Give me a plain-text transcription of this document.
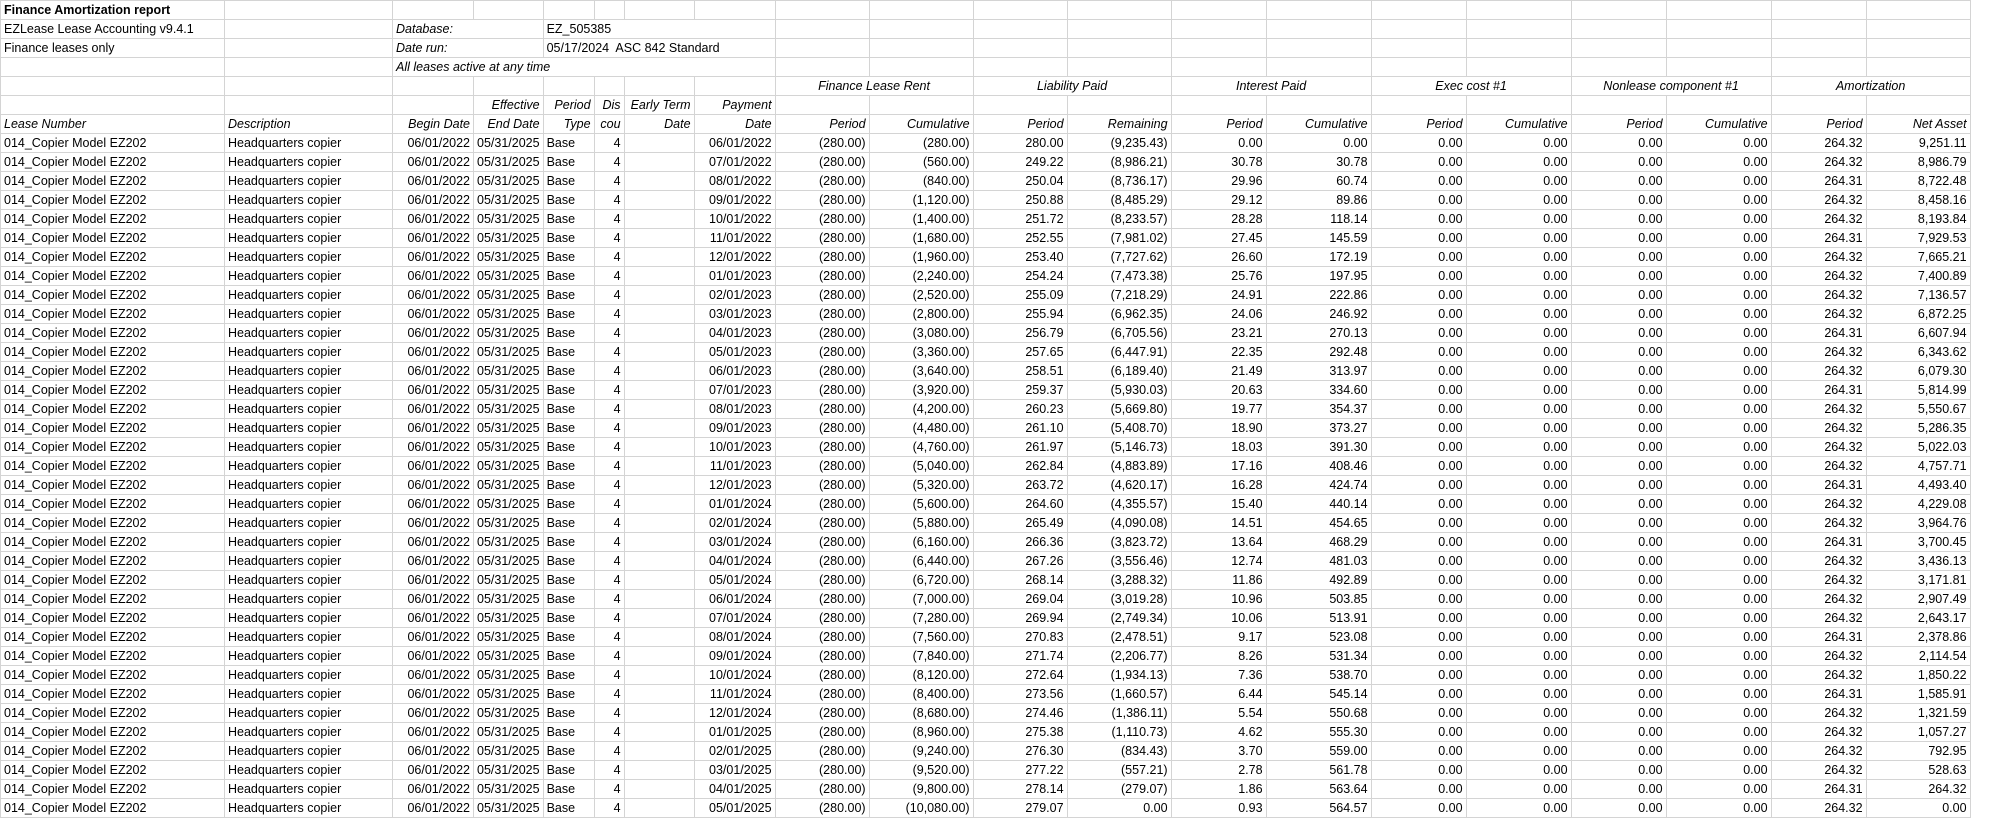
Finance Amortization report																			
EZLease Lease Accounting v9.4.1		Database:		EZ_505385															
Finance leases only		Date run:		05/17/2024 ASC 842 Standard															
		All leases active at any time																	
								Finance Lease Rent		Liability Paid		Interest Paid		Exec cost #1		Nonlease component #1		Amortization	
			Effective	Period	Dis	Early Term	Payment												
Lease Number	Description	Begin Date	End Date	Type	cou	Date	Date	Period	Cumulative	Period	Remaining	Period	Cumulative	Period	Cumulative	Period	Cumulative	Period	Net Asset
014_Copier Model EZ202	Headquarters copier	06/01/2022	05/31/2025	Base	4		06/01/2022	(280.00)	(280.00)	280.00	(9,235.43)	0.00	0.00	0.00	0.00	0.00	0.00	264.32	9,251.11
014_Copier Model EZ202	Headquarters copier	06/01/2022	05/31/2025	Base	4		07/01/2022	(280.00)	(560.00)	249.22	(8,986.21)	30.78	30.78	0.00	0.00	0.00	0.00	264.32	8,986.79
014_Copier Model EZ202	Headquarters copier	06/01/2022	05/31/2025	Base	4		08/01/2022	(280.00)	(840.00)	250.04	(8,736.17)	29.96	60.74	0.00	0.00	0.00	0.00	264.31	8,722.48
014_Copier Model EZ202	Headquarters copier	06/01/2022	05/31/2025	Base	4		09/01/2022	(280.00)	(1,120.00)	250.88	(8,485.29)	29.12	89.86	0.00	0.00	0.00	0.00	264.32	8,458.16
014_Copier Model EZ202	Headquarters copier	06/01/2022	05/31/2025	Base	4		10/01/2022	(280.00)	(1,400.00)	251.72	(8,233.57)	28.28	118.14	0.00	0.00	0.00	0.00	264.32	8,193.84
014_Copier Model EZ202	Headquarters copier	06/01/2022	05/31/2025	Base	4		11/01/2022	(280.00)	(1,680.00)	252.55	(7,981.02)	27.45	145.59	0.00	0.00	0.00	0.00	264.31	7,929.53
014_Copier Model EZ202	Headquarters copier	06/01/2022	05/31/2025	Base	4		12/01/2022	(280.00)	(1,960.00)	253.40	(7,727.62)	26.60	172.19	0.00	0.00	0.00	0.00	264.32	7,665.21
014_Copier Model EZ202	Headquarters copier	06/01/2022	05/31/2025	Base	4		01/01/2023	(280.00)	(2,240.00)	254.24	(7,473.38)	25.76	197.95	0.00	0.00	0.00	0.00	264.32	7,400.89
014_Copier Model EZ202	Headquarters copier	06/01/2022	05/31/2025	Base	4		02/01/2023	(280.00)	(2,520.00)	255.09	(7,218.29)	24.91	222.86	0.00	0.00	0.00	0.00	264.32	7,136.57
014_Copier Model EZ202	Headquarters copier	06/01/2022	05/31/2025	Base	4		03/01/2023	(280.00)	(2,800.00)	255.94	(6,962.35)	24.06	246.92	0.00	0.00	0.00	0.00	264.32	6,872.25
014_Copier Model EZ202	Headquarters copier	06/01/2022	05/31/2025	Base	4		04/01/2023	(280.00)	(3,080.00)	256.79	(6,705.56)	23.21	270.13	0.00	0.00	0.00	0.00	264.31	6,607.94
014_Copier Model EZ202	Headquarters copier	06/01/2022	05/31/2025	Base	4		05/01/2023	(280.00)	(3,360.00)	257.65	(6,447.91)	22.35	292.48	0.00	0.00	0.00	0.00	264.32	6,343.62
014_Copier Model EZ202	Headquarters copier	06/01/2022	05/31/2025	Base	4		06/01/2023	(280.00)	(3,640.00)	258.51	(6,189.40)	21.49	313.97	0.00	0.00	0.00	0.00	264.32	6,079.30
014_Copier Model EZ202	Headquarters copier	06/01/2022	05/31/2025	Base	4		07/01/2023	(280.00)	(3,920.00)	259.37	(5,930.03)	20.63	334.60	0.00	0.00	0.00	0.00	264.31	5,814.99
014_Copier Model EZ202	Headquarters copier	06/01/2022	05/31/2025	Base	4		08/01/2023	(280.00)	(4,200.00)	260.23	(5,669.80)	19.77	354.37	0.00	0.00	0.00	0.00	264.32	5,550.67
014_Copier Model EZ202	Headquarters copier	06/01/2022	05/31/2025	Base	4		09/01/2023	(280.00)	(4,480.00)	261.10	(5,408.70)	18.90	373.27	0.00	0.00	0.00	0.00	264.32	5,286.35
014_Copier Model EZ202	Headquarters copier	06/01/2022	05/31/2025	Base	4		10/01/2023	(280.00)	(4,760.00)	261.97	(5,146.73)	18.03	391.30	0.00	0.00	0.00	0.00	264.32	5,022.03
014_Copier Model EZ202	Headquarters copier	06/01/2022	05/31/2025	Base	4		11/01/2023	(280.00)	(5,040.00)	262.84	(4,883.89)	17.16	408.46	0.00	0.00	0.00	0.00	264.32	4,757.71
014_Copier Model EZ202	Headquarters copier	06/01/2022	05/31/2025	Base	4		12/01/2023	(280.00)	(5,320.00)	263.72	(4,620.17)	16.28	424.74	0.00	0.00	0.00	0.00	264.31	4,493.40
014_Copier Model EZ202	Headquarters copier	06/01/2022	05/31/2025	Base	4		01/01/2024	(280.00)	(5,600.00)	264.60	(4,355.57)	15.40	440.14	0.00	0.00	0.00	0.00	264.32	4,229.08
014_Copier Model EZ202	Headquarters copier	06/01/2022	05/31/2025	Base	4		02/01/2024	(280.00)	(5,880.00)	265.49	(4,090.08)	14.51	454.65	0.00	0.00	0.00	0.00	264.32	3,964.76
014_Copier Model EZ202	Headquarters copier	06/01/2022	05/31/2025	Base	4		03/01/2024	(280.00)	(6,160.00)	266.36	(3,823.72)	13.64	468.29	0.00	0.00	0.00	0.00	264.31	3,700.45
014_Copier Model EZ202	Headquarters copier	06/01/2022	05/31/2025	Base	4		04/01/2024	(280.00)	(6,440.00)	267.26	(3,556.46)	12.74	481.03	0.00	0.00	0.00	0.00	264.32	3,436.13
014_Copier Model EZ202	Headquarters copier	06/01/2022	05/31/2025	Base	4		05/01/2024	(280.00)	(6,720.00)	268.14	(3,288.32)	11.86	492.89	0.00	0.00	0.00	0.00	264.32	3,171.81
014_Copier Model EZ202	Headquarters copier	06/01/2022	05/31/2025	Base	4		06/01/2024	(280.00)	(7,000.00)	269.04	(3,019.28)	10.96	503.85	0.00	0.00	0.00	0.00	264.32	2,907.49
014_Copier Model EZ202	Headquarters copier	06/01/2022	05/31/2025	Base	4		07/01/2024	(280.00)	(7,280.00)	269.94	(2,749.34)	10.06	513.91	0.00	0.00	0.00	0.00	264.32	2,643.17
014_Copier Model EZ202	Headquarters copier	06/01/2022	05/31/2025	Base	4		08/01/2024	(280.00)	(7,560.00)	270.83	(2,478.51)	9.17	523.08	0.00	0.00	0.00	0.00	264.31	2,378.86
014_Copier Model EZ202	Headquarters copier	06/01/2022	05/31/2025	Base	4		09/01/2024	(280.00)	(7,840.00)	271.74	(2,206.77)	8.26	531.34	0.00	0.00	0.00	0.00	264.32	2,114.54
014_Copier Model EZ202	Headquarters copier	06/01/2022	05/31/2025	Base	4		10/01/2024	(280.00)	(8,120.00)	272.64	(1,934.13)	7.36	538.70	0.00	0.00	0.00	0.00	264.32	1,850.22
014_Copier Model EZ202	Headquarters copier	06/01/2022	05/31/2025	Base	4		11/01/2024	(280.00)	(8,400.00)	273.56	(1,660.57)	6.44	545.14	0.00	0.00	0.00	0.00	264.31	1,585.91
014_Copier Model EZ202	Headquarters copier	06/01/2022	05/31/2025	Base	4		12/01/2024	(280.00)	(8,680.00)	274.46	(1,386.11)	5.54	550.68	0.00	0.00	0.00	0.00	264.32	1,321.59
014_Copier Model EZ202	Headquarters copier	06/01/2022	05/31/2025	Base	4		01/01/2025	(280.00)	(8,960.00)	275.38	(1,110.73)	4.62	555.30	0.00	0.00	0.00	0.00	264.32	1,057.27
014_Copier Model EZ202	Headquarters copier	06/01/2022	05/31/2025	Base	4		02/01/2025	(280.00)	(9,240.00)	276.30	(834.43)	3.70	559.00	0.00	0.00	0.00	0.00	264.32	792.95
014_Copier Model EZ202	Headquarters copier	06/01/2022	05/31/2025	Base	4		03/01/2025	(280.00)	(9,520.00)	277.22	(557.21)	2.78	561.78	0.00	0.00	0.00	0.00	264.32	528.63
014_Copier Model EZ202	Headquarters copier	06/01/2022	05/31/2025	Base	4		04/01/2025	(280.00)	(9,800.00)	278.14	(279.07)	1.86	563.64	0.00	0.00	0.00	0.00	264.31	264.32
014_Copier Model EZ202	Headquarters copier	06/01/2022	05/31/2025	Base	4		05/01/2025	(280.00)	(10,080.00)	279.07	0.00	0.93	564.57	0.00	0.00	0.00	0.00	264.32	0.00
